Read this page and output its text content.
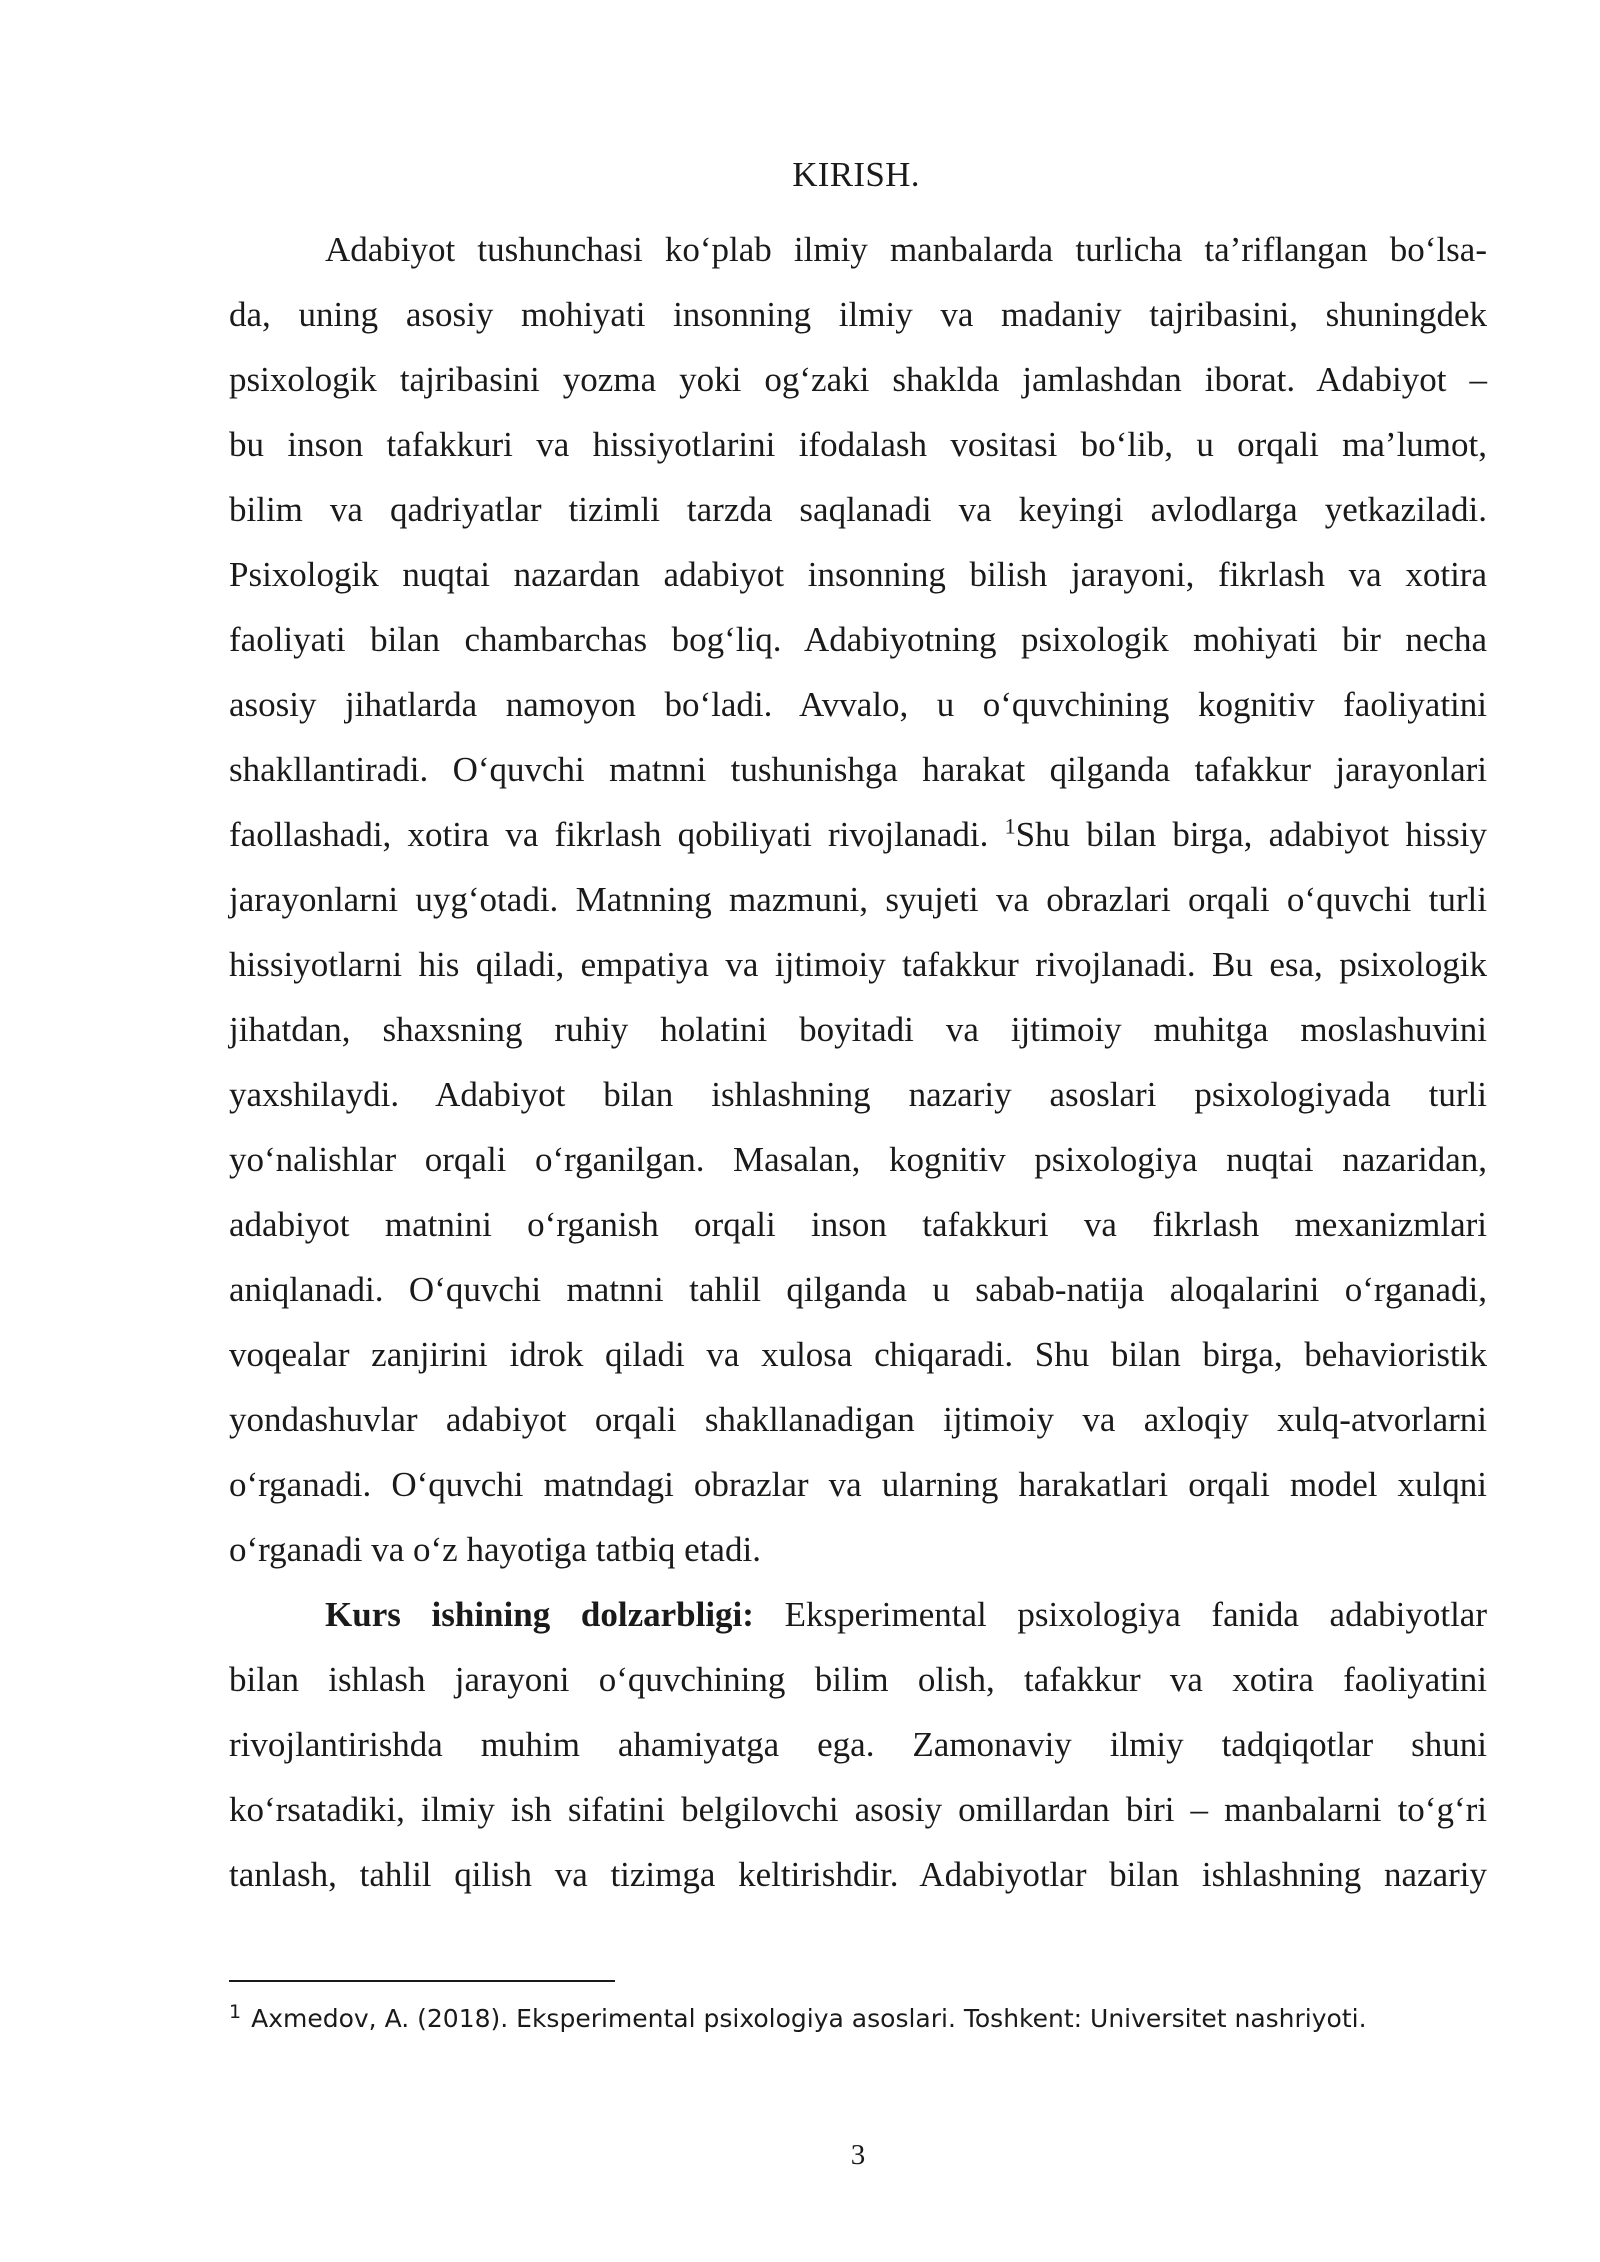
KIRISH.
Adabiyot tushunchasi ko‘plab ilmiy manbalarda turlicha ta’riflangan bo‘lsa-
da, uning asosiy mohiyati insonning ilmiy va madaniy tajribasini, shuningdek
psixologik tajribasini yozma yoki og‘zaki shaklda jamlashdan iborat. Adabiyot –
bu inson tafakkuri va hissiyotlarini ifodalash vositasi bo‘lib, u orqali ma’lumot,
bilim va qadriyatlar tizimli tarzda saqlanadi va keyingi avlodlarga yetkaziladi.
Psixologik nuqtai nazardan adabiyot insonning bilish jarayoni, fikrlash va xotira
faoliyati bilan chambarchas bog‘liq. Adabiyotning psixologik mohiyati bir necha
asosiy jihatlarda namoyon bo‘ladi. Avvalo, u o‘quvchining kognitiv faoliyatini
shakllantiradi. O‘quvchi matnni tushunishga harakat qilganda tafakkur jarayonlari
faollashadi, xotira va fikrlash qobiliyati rivojlanadi. $^1$Shu bilan birga, adabiyot hissiy
jarayonlarni uyg‘otadi. Matnning mazmuni, syujeti va obrazlari orqali o‘quvchi turli
hissiyotlarni his qiladi, empatiya va ijtimoiy tafakkur rivojlanadi. Bu esa, psixologik
jihatdan, shaxsning ruhiy holatini boyitadi va ijtimoiy muhitga moslashuvini
yaxshilaydi. Adabiyot bilan ishlashning nazariy asoslari psixologiyada turli
yo‘nalishlar orqali o‘rganilgan. Masalan, kognitiv psixologiya nuqtai nazaridan,
adabiyot matnini o‘rganish orqali inson tafakkuri va fikrlash mexanizmlari
aniqlanadi. O‘quvchi matnni tahlil qilganda u sabab-natija aloqalarini o‘rganadi,
voqealar zanjirini idrok qiladi va xulosa chiqaradi. Shu bilan birga, behavioristik
yondashuvlar adabiyot orqali shakllanadigan ijtimoiy va axloqiy xulq-atvorlarni
o‘rganadi. O‘quvchi matndagi obrazlar va ularning harakatlari orqali model xulqni
o‘rganadi va o‘z hayotiga tatbiq etadi.
Kurs ishining dolzarbligi: Eksperimental psixologiya fanida adabiyotlar
bilan ishlash jarayoni o‘quvchining bilim olish, tafakkur va xotira faoliyatini
rivojlantirishda muhim ahamiyatga ega. Zamonaviy ilmiy tadqiqotlar shuni
ko‘rsatadiki, ilmiy ish sifatini belgilovchi asosiy omillardan biri – manbalarni to‘g‘ri
tanlash, tahlil qilish va tizimga keltirishdir. Adabiyotlar bilan ishlashning nazariy
$^1$ Axmedov, A. (2018). Eksperimental psixologiya asoslari. Toshkent: Universitet nashriyoti.
3
